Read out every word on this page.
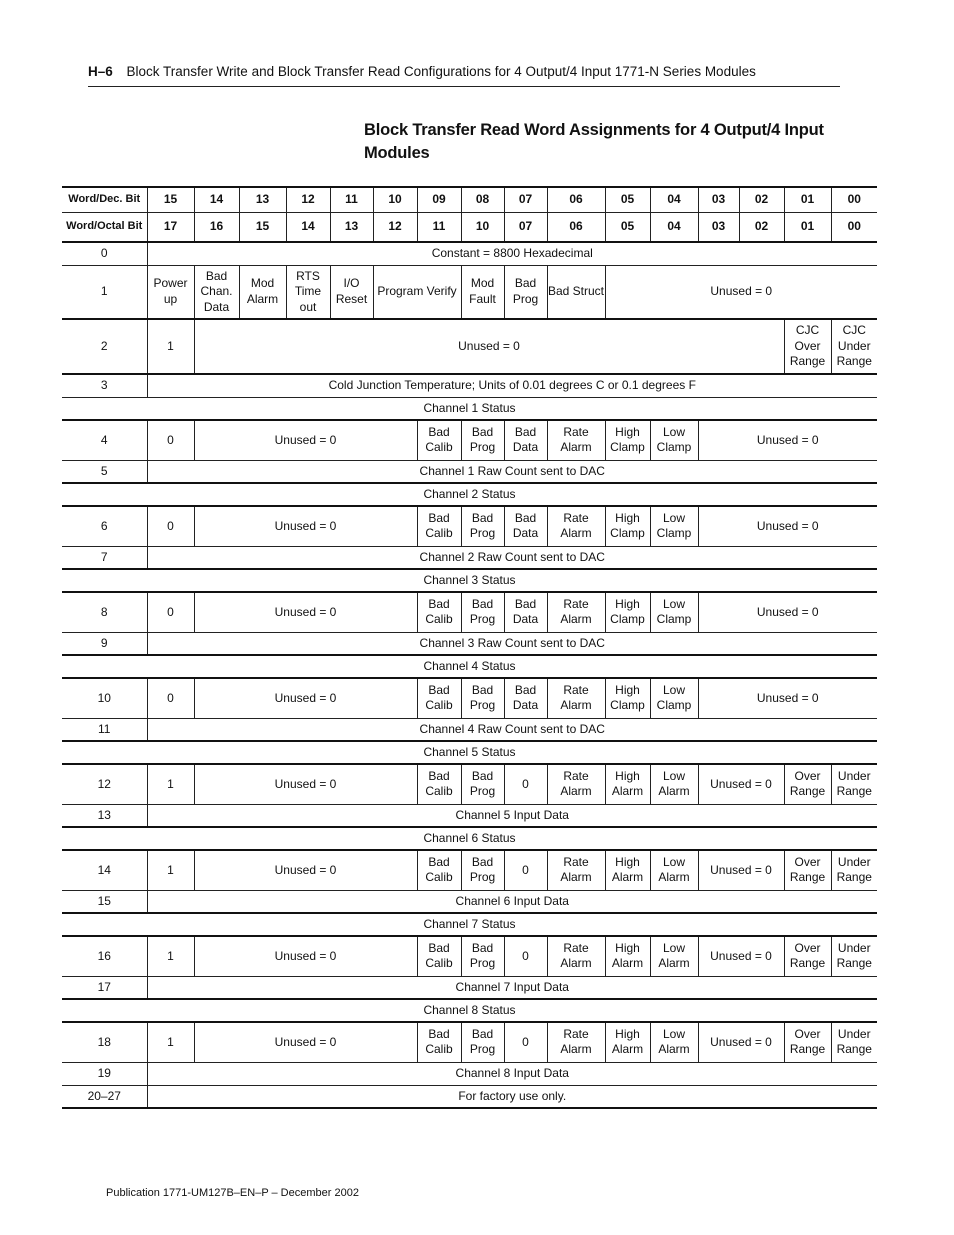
H–6 Block Transfer Write and Block Transfer Read Configurations for 4 Output/4 Input 1771-N Series Modules
Block Transfer Read Word Assignments for 4 Output/4 Input Modules
Word/Dec. Bit	15	14	13	12	11	10	09	08	07	06	05	04	03	02	01	00
Word/Octal Bit	17	16	15	14	13	12	11	10	07	06	05	04	03	02	01	00
0	Constant = 8800 Hexadecimal															
1	Power up	Bad Chan. Data	Mod Alarm	RTS Time out	I/O Reset	Program Verify		Mod Fault	Bad Prog	Bad Struct	Unused = 0					
2	1	Unused = 0													CJC Over Range	CJC Under Range
3	Cold Junction Temperature; Units of 0.01 degrees C or 0.1 degrees F															
Channel 1 Status																
4	0	Unused = 0					Bad Calib	Bad Prog	Bad Data	Rate Alarm	High Clamp	Low Clamp	Unused = 0			
5	Channel 1 Raw Count sent to DAC															
Channel 2 Status																
6	0	Unused = 0					Bad Calib	Bad Prog	Bad Data	Rate Alarm	High Clamp	Low Clamp	Unused = 0			
7	Channel 2 Raw Count sent to DAC															
Channel 3 Status																
8	0	Unused = 0					Bad Calib	Bad Prog	Bad Data	Rate Alarm	High Clamp	Low Clamp	Unused = 0			
9	Channel 3 Raw Count sent to DAC															
Channel 4 Status																
10	0	Unused = 0					Bad Calib	Bad Prog	Bad Data	Rate Alarm	High Clamp	Low Clamp	Unused = 0			
11	Channel 4 Raw Count sent to DAC															
Channel 5 Status																
12	1	Unused = 0					Bad Calib	Bad Prog	0	Rate Alarm	High Alarm	Low Alarm	Unused = 0		Over Range	Under Range
13	Channel 5 Input Data															
Channel 6 Status																
14	1	Unused = 0					Bad Calib	Bad Prog	0	Rate Alarm	High Alarm	Low Alarm	Unused = 0		Over Range	Under Range
15	Channel 6 Input Data															
Channel 7 Status																
16	1	Unused = 0					Bad Calib	Bad Prog	0	Rate Alarm	High Alarm	Low Alarm	Unused = 0		Over Range	Under Range
17	Channel 7 Input Data															
Channel 8 Status																
18	1	Unused = 0					Bad Calib	Bad Prog	0	Rate Alarm	High Alarm	Low Alarm	Unused = 0		Over Range	Under Range
19	Channel 8 Input Data															
20–27	For factory use only.															
Publication 1771-UM127B–EN–P – December 2002
